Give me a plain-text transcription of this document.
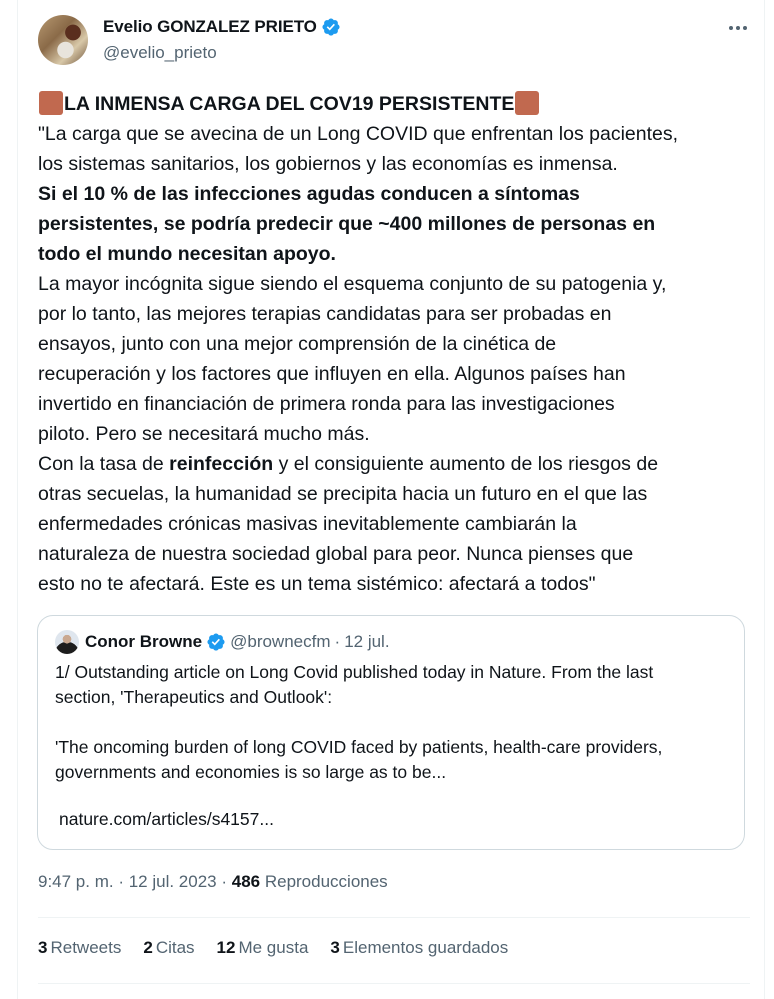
Evelio GONZALEZ PRIETO
@evelio_prieto
LA INMENSA CARGA DEL COV19 PERSISTENTE
"La carga que se avecina de un Long COVID que enfrentan los pacientes,
los sistemas sanitarios, los gobiernos y las economías es inmensa.
Si el 10 % de las infecciones agudas conducen a síntomas
persistentes, se podría predecir que ~400 millones de personas en
todo el mundo necesitan apoyo.
La mayor incógnita sigue siendo el esquema conjunto de su patogenia y,
por lo tanto, las mejores terapias candidatas para ser probadas en
ensayos, junto con una mejor comprensión de la cinética de
recuperación y los factores que influyen en ella. Algunos países han
invertido en financiación de primera ronda para las investigaciones
piloto. Pero se necesitará mucho más.
Con la tasa de reinfección y el consiguiente aumento de los riesgos de
otras secuelas, la humanidad se precipita hacia un futuro en el que las
enfermedades crónicas masivas inevitablemente cambiarán la
naturaleza de nuestra sociedad global para peor. Nunca pienses que
esto no te afectará. Este es un tema sistémico: afectará a todos"
Conor Browne @brownecfm · 12 jul.
1/ Outstanding article on Long Covid published today in Nature. From the last
section, 'Therapeutics and Outlook':

'The oncoming burden of long COVID faced by patients, health-care providers,
governments and economies is so large as to be...
nature.com/articles/s4157...
9:47 p. m. · 12 jul. 2023 · 486 Reproducciones
3 Retweets 2 Citas 12 Me gusta 3 Elementos guardados
